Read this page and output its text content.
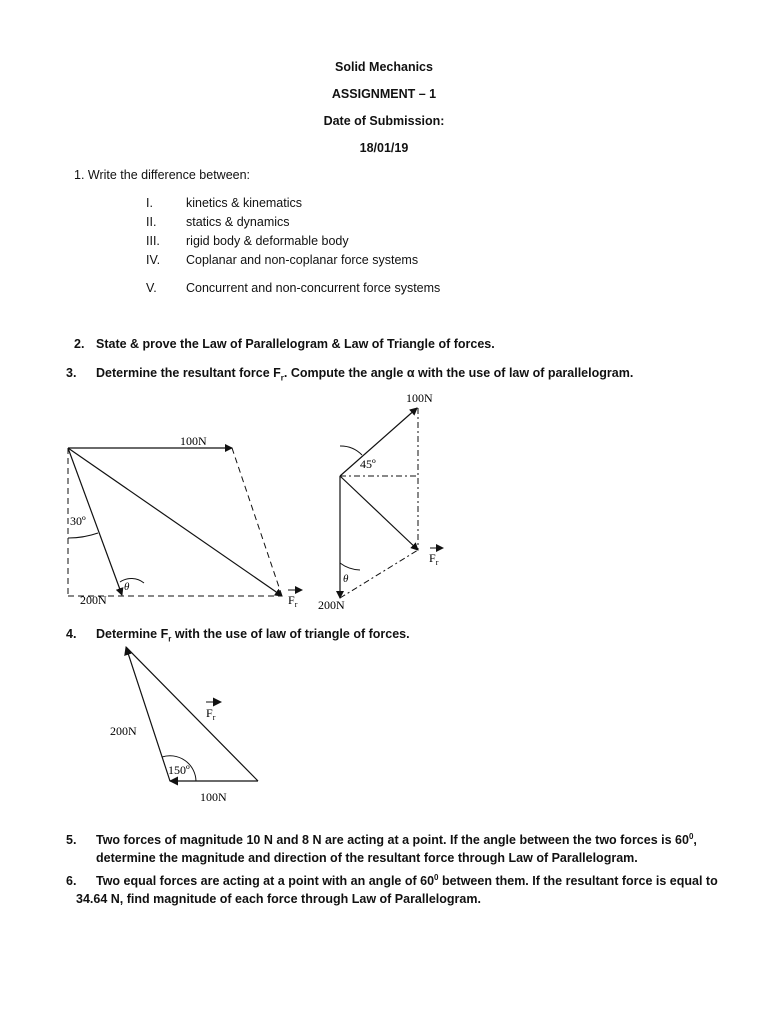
Solid Mechanics
ASSIGNMENT – 1
Date of Submission:
18/01/19
1. Write the difference between:
I.	kinetics & kinematics
II. statics & dynamics
III. rigid body & deformable body
IV. Coplanar and non-coplanar force systems
V. Concurrent and non-concurrent force systems
2. State & prove the Law of Parallelogram & Law of Triangle of forces.
3. Determine the resultant force $F_r$. Compute the angle α with the use of law of parallelogram.
100N
30º
θ
200N	$F_r$
100N
45º
θ
200N
$F_r$
4. Determine $F_r$ with the use of law of triangle of forces.
200N
150º
100N
$F_r$
5. Two forces of magnitude 10 N and 8 N are acting at a point. If the angle between the two forces is $60^0$,
determine the magnitude and direction of the resultant force through Law of Parallelogram.
6. Two equal forces are acting at a point with an angle of $60^0$ between them. If the resultant force is equal to
34.64 N, find magnitude of each force through Law of Parallelogram.
